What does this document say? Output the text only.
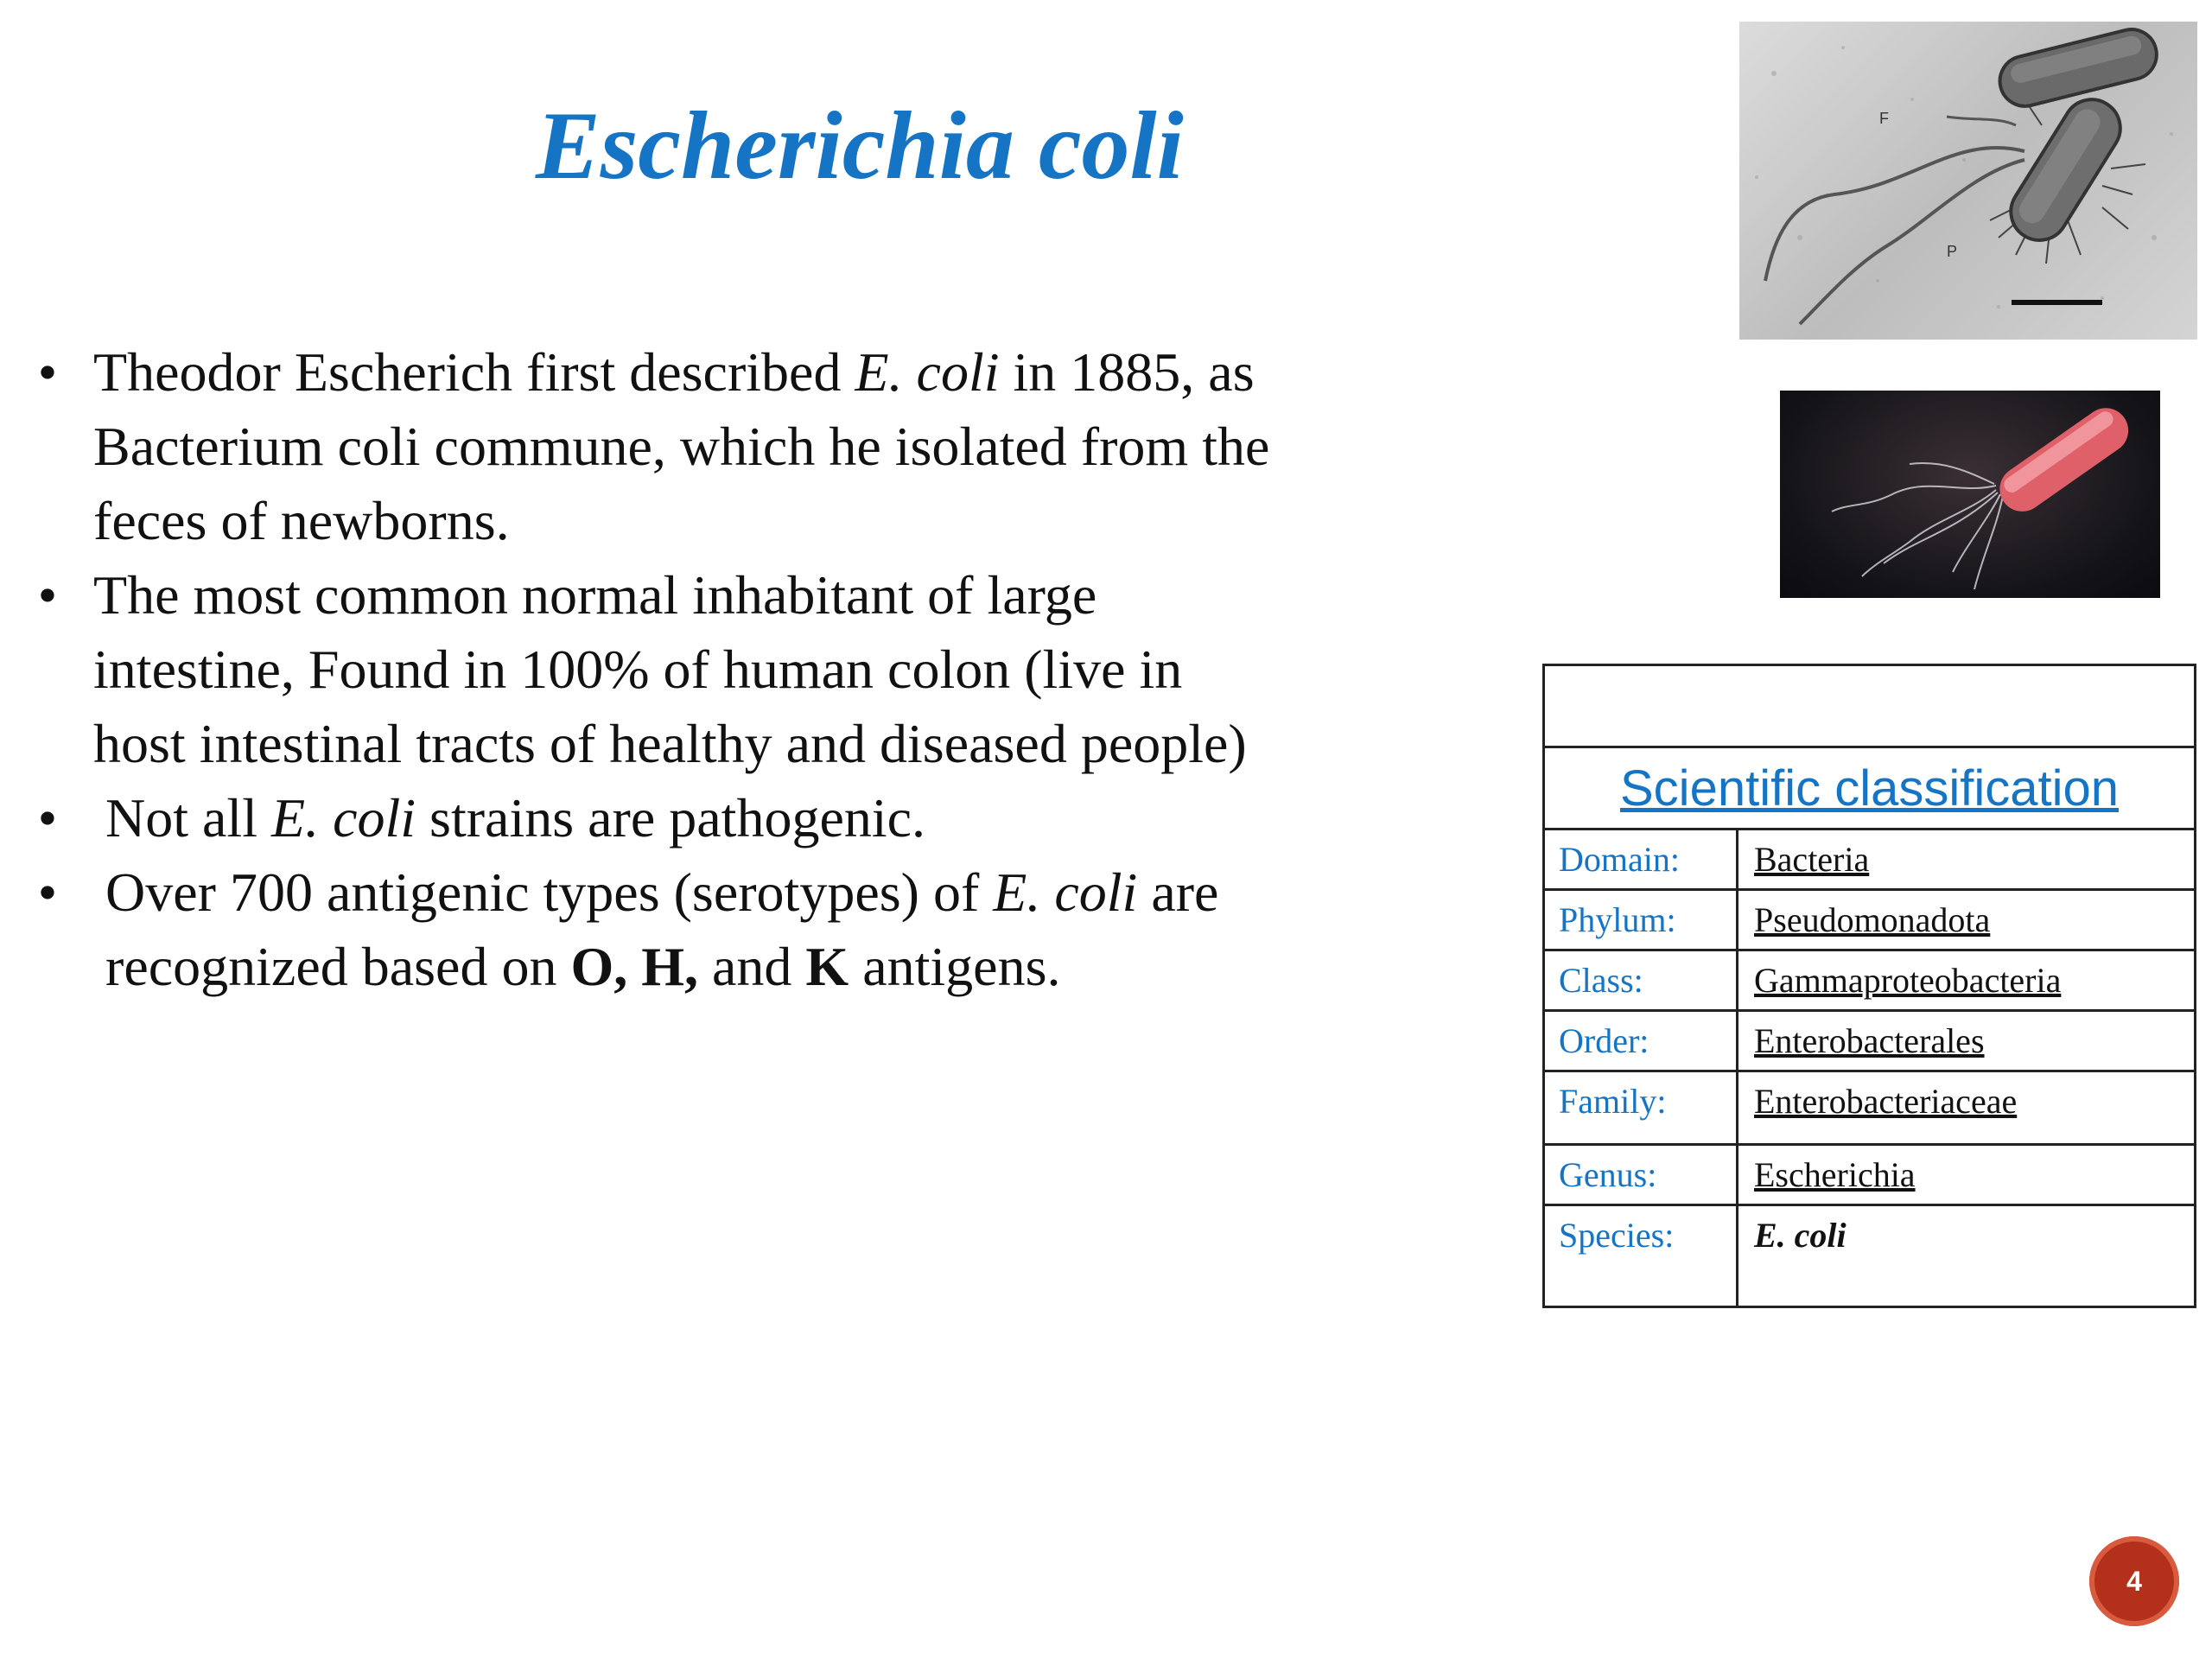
Escherichia coli

• Theodor Escherich first described E. coli in 1885, as Bacterium coli commune, which he isolated from the feces of newborns.

• The most common normal inhabitant of large intestine, Found in 100% of human colon (live in host intestinal tracts of healthy and diseased people)

• Not all E. coli strains are pathogenic.

• Over 700 antigenic types (serotypes) of E. coli are recognized based on O, H, and K antigens.

F
P
Scientific classification
Domain:	Bacteria
Phylum:	Pseudomonadota
Class:	Gammaproteobacteria
Order:	Enterobacterales
Family:	Enterobacteriaceae
Genus:	Escherichia
Species:	E. coli
4
